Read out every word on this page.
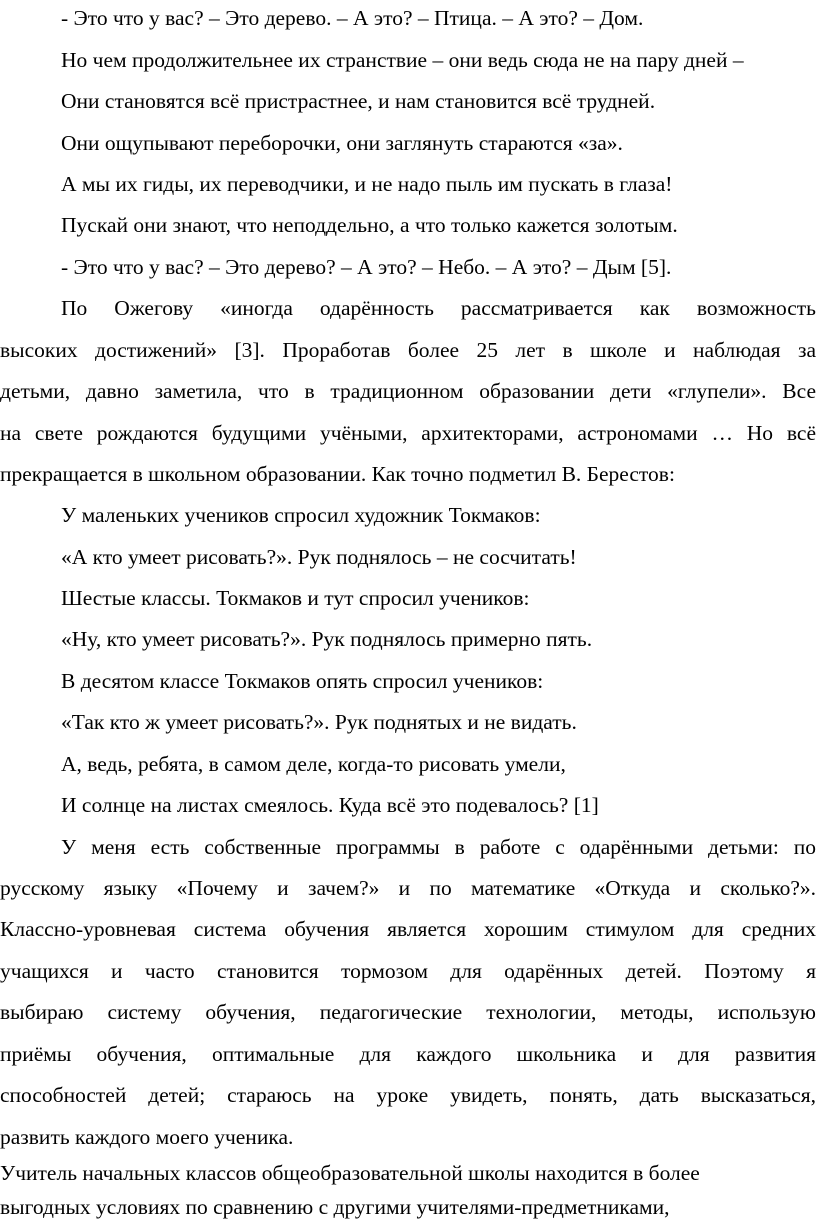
- Это что у вас? – Это дерево. – А это? – Птица. – А это? – Дом.
Но чем продолжительнее их странствие – они ведь сюда не на пару дней –
Они становятся всё пристрастнее, и нам становится всё трудней.
Они ощупывают переборочки, они заглянуть стараются «за».
А мы их гиды, их переводчики, и не надо пыль им пускать в глаза!
Пускай они знают, что неподдельно, а что только кажется золотым.
- Это что у вас? – Это дерево? – А это? – Небо. – А это? – Дым [5].
По Ожегову «иногда одарённость рассматривается как возможность
высоких достижений» [3]. Проработав более 25 лет в школе и наблюдая за
детьми, давно заметила, что в традиционном образовании дети «глупели». Все
на свете рождаются будущими учёными, архитекторами, астрономами … Но всё
прекращается в школьном образовании. Как точно подметил В. Берестов:
У маленьких учеников спросил художник Токмаков:
«А кто умеет рисовать?». Рук поднялось – не сосчитать!
Шестые классы. Токмаков и тут спросил учеников:
«Ну, кто умеет рисовать?». Рук поднялось примерно пять.
В десятом классе Токмаков опять спросил учеников:
«Так кто ж умеет рисовать?». Рук поднятых и не видать.
А, ведь, ребята, в самом деле, когда-то рисовать умели,
И солнце на листах смеялось. Куда всё это подевалось? [1]
У меня есть собственные программы в работе с одарёнными детьми: по
русскому языку «Почему и зачем?» и по математике «Откуда и сколько?».
Классно-уровневая система обучения является хорошим стимулом для средних
учащихся и часто становится тормозом для одарённых детей. Поэтому я
выбираю систему обучения, педагогические технологии, методы, использую
приёмы обучения, оптимальные для каждого школьника и для развития
способностей детей; стараюсь на уроке увидеть, понять, дать высказаться,
развить каждого моего ученика.
Учитель начальных классов общеобразовательной школы находится в более
выгодных условиях по сравнению с другими учителями-предметниками,
